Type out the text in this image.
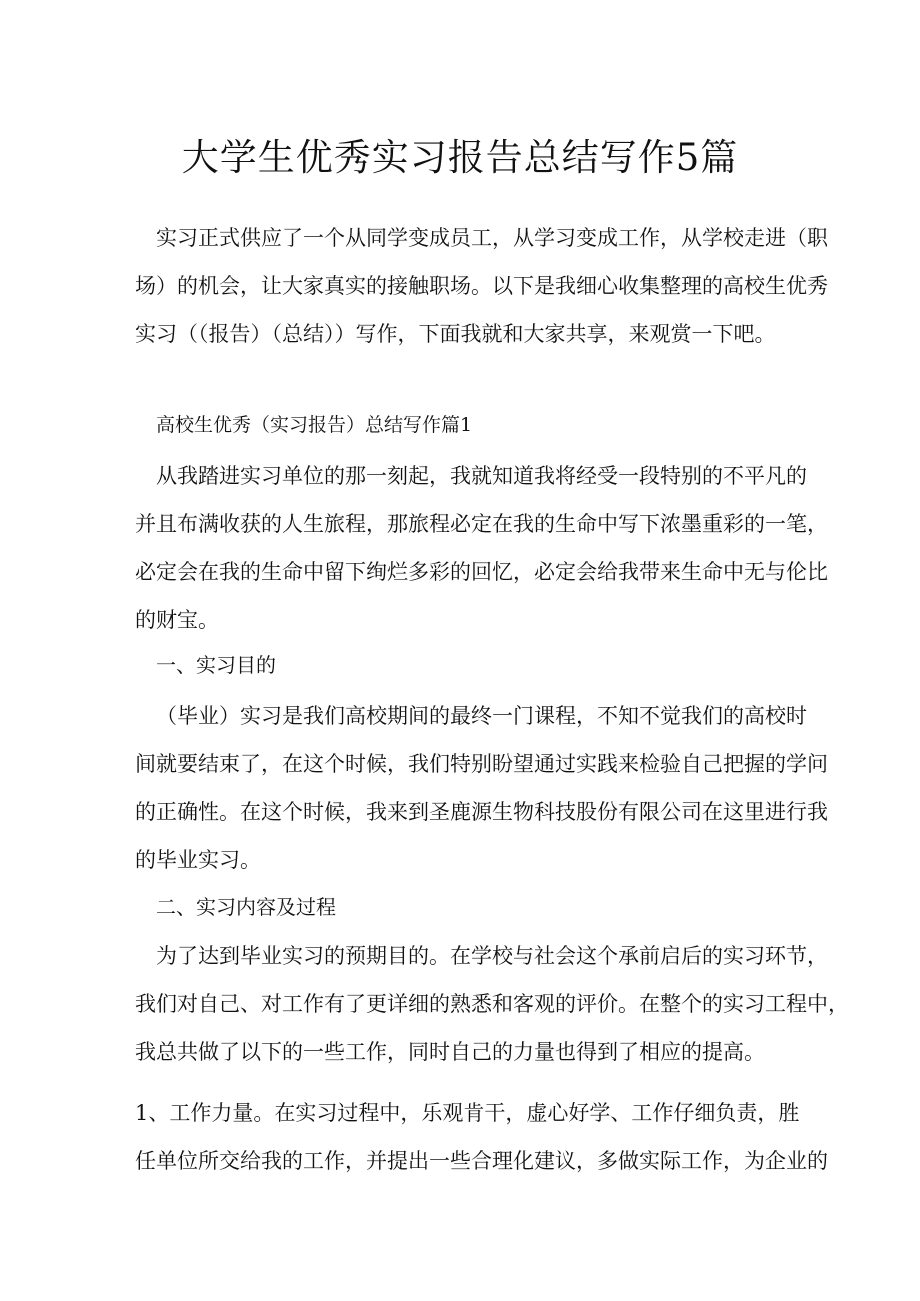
大学生优秀实习报告总结写作5篇
实习正式供应了一个从同学变成员工，从学习变成工作，从学校走进（职
场）的机会，让大家真实的接触职场。以下是我细心收集整理的高校生优秀
实习（（报告）（总结））写作，下面我就和大家共享，来观赏一下吧。
高校生优秀（实习报告）总结写作篇1
从我踏进实习单位的那一刻起，我就知道我将经受一段特别的不平凡的
并且布满收获的人生旅程，那旅程必定在我的生命中写下浓墨重彩的一笔，
必定会在我的生命中留下绚烂多彩的回忆，必定会给我带来生命中无与伦比
的财宝。
一、实习目的
（毕业）实习是我们高校期间的最终一门课程，不知不觉我们的高校时
间就要结束了，在这个时候，我们特别盼望通过实践来检验自己把握的学问
的正确性。在这个时候，我来到圣鹿源生物科技股份有限公司在这里进行我
的毕业实习。
二、实习内容及过程
为了达到毕业实习的预期目的。在学校与社会这个承前启后的实习环节，
我们对自己、对工作有了更详细的熟悉和客观的评价。在整个的实习工程中，
我总共做了以下的一些工作，同时自己的力量也得到了相应的提高。
1、工作力量。在实习过程中，乐观肯干，虚心好学、工作仔细负责，胜
任单位所交给我的工作，并提出一些合理化建议，多做实际工作，为企业的
